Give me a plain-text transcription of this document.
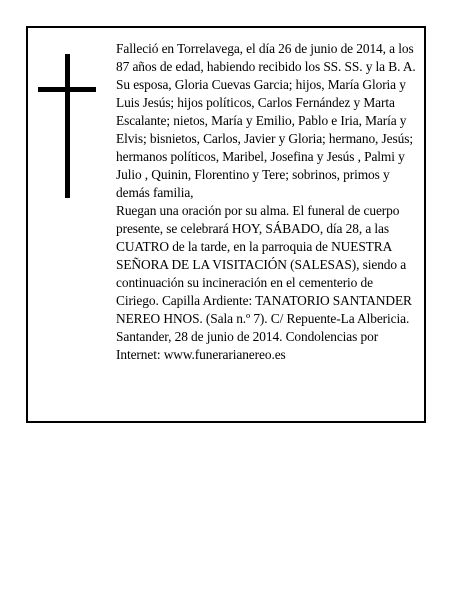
Falleció en Torrelavega, el día 26 de junio de 2014, a los 87 años de edad, habiendo recibido los SS. SS. y la B. A.

Su esposa, Gloria Cuevas Garcia; hijos, María Gloria y Luis Jesús; hijos políticos, Carlos Fernández y Marta Escalante; nietos, María y Emilio, Pablo e Iria, María y Elvis; bisnietos, Carlos, Javier y Gloria; hermano, Jesús; hermanos políticos, Maribel, Josefina y Jesús , Palmi y Julio , Quinin, Florentino y Tere; sobrinos, primos y demás familia,

Ruegan una oración por su alma. El funeral de cuerpo presente, se celebrará HOY, SÁBADO, día 28, a las CUATRO de la tarde, en la parroquia de NUESTRA SEÑORA DE LA VISITACIÓN (SALESAS), siendo a continuación su incineración en el cementerio de Ciriego. Capilla Ardiente: TANATORIO SANTANDER NEREO HNOS. (Sala n.º 7). C/ Repuente-La Albericia.

Santander, 28 de junio de 2014. Condolencias por Internet: www.funerarianereo.es
